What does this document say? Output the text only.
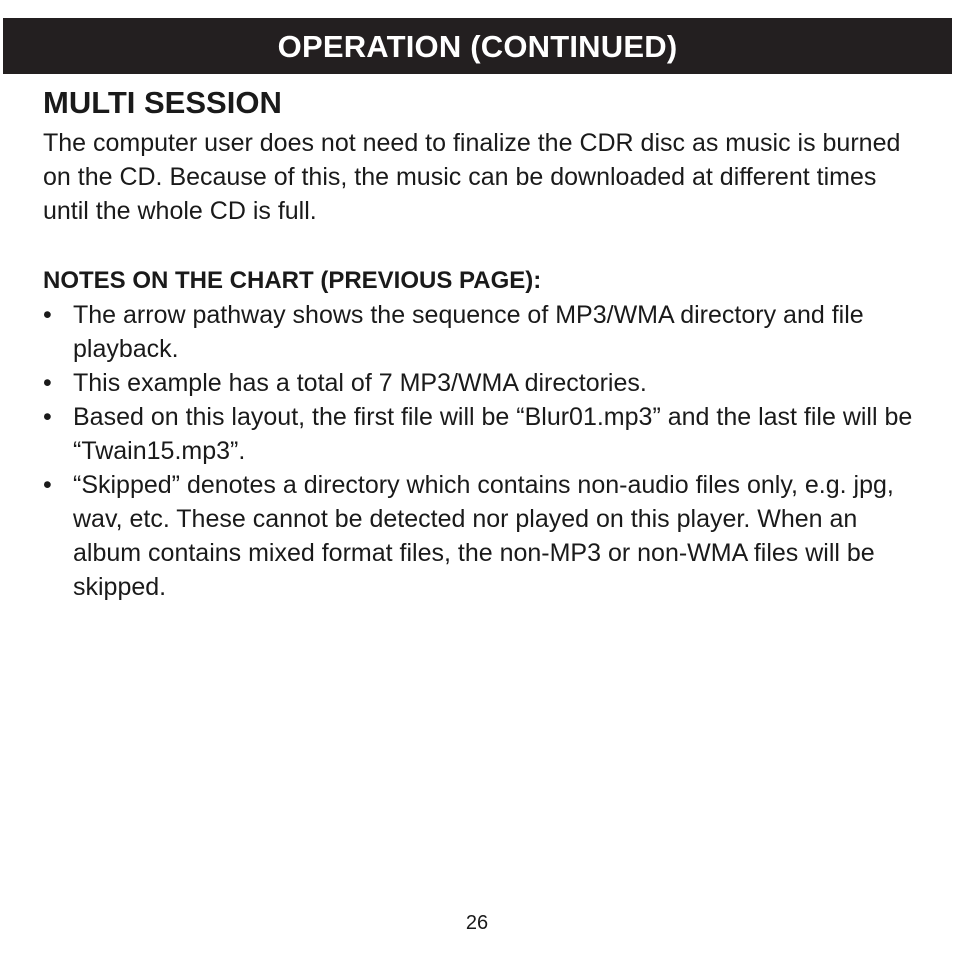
OPERATION (CONTINUED)
MULTI SESSION

The computer user does not need to finalize the CDR disc as music is burned on the CD. Because of this, the music can be downloaded at different times until the whole CD is full.

NOTES ON THE CHART (PREVIOUS PAGE):
• The arrow pathway shows the sequence of MP3/WMA directory and file playback.
• This example has a total of 7 MP3/WMA directories.
• Based on this layout, the first file will be “Blur01.mp3” and the last file will be “Twain15.mp3”.
• “Skipped” denotes a directory which contains non-audio files only, e.g. jpg, wav, etc. These cannot be detected nor played on this player. When an album contains mixed format files, the non-MP3 or non-WMA files will be skipped.
26
